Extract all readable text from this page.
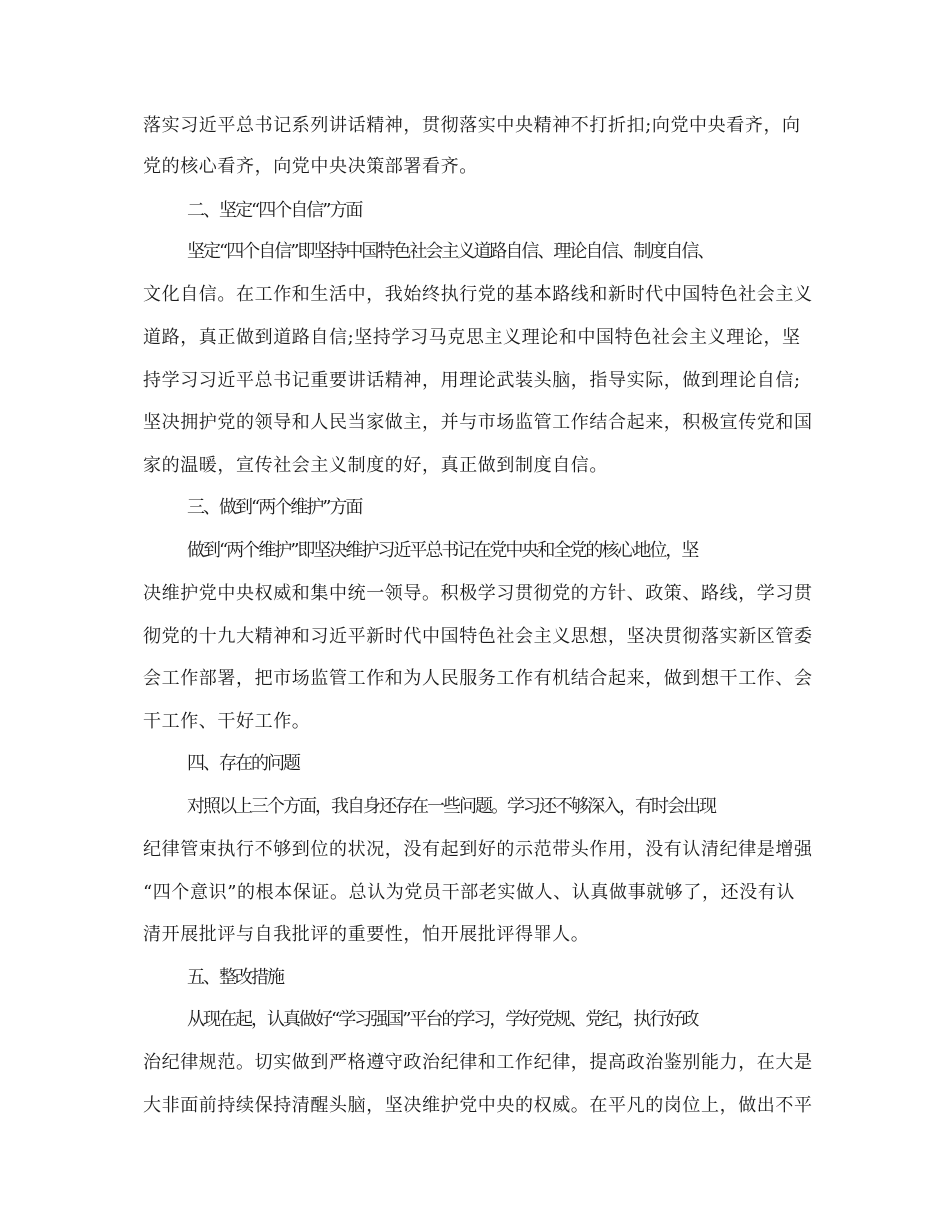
落实习近平总书记系列讲话精神，贯彻落实中央精神不打折扣;向党中央看齐，向
党的核心看齐，向党中央决策部署看齐。
二、坚定“四个自信”方面
坚定“四个自信”即坚持中国特色社会主义道路自信、理论自信、制度自信、
文化自信。在工作和生活中，我始终执行党的基本路线和新时代中国特色社会主义
道路，真正做到道路自信;坚持学习马克思主义理论和中国特色社会主义理论，坚
持学习习近平总书记重要讲话精神，用理论武装头脑，指导实际，做到理论自信;
坚决拥护党的领导和人民当家做主，并与市场监管工作结合起来，积极宣传党和国
家的温暖，宣传社会主义制度的好，真正做到制度自信。
三、做到“两个维护”方面
做到“两个维护”即坚决维护习近平总书记在党中央和全党的核心地位，坚
决维护党中央权威和集中统一领导。积极学习贯彻党的方针、政策、路线，学习贯
彻党的十九大精神和习近平新时代中国特色社会主义思想，坚决贯彻落实新区管委
会工作部署，把市场监管工作和为人民服务工作有机结合起来，做到想干工作、会
干工作、干好工作。
四、存在的问题
对照以上三个方面，我自身还存在一些问题。学习还不够深入，有时会出现
纪律管束执行不够到位的状况，没有起到好的示范带头作用，没有认清纪律是增强
“四个意识”的根本保证。总认为党员干部老实做人、认真做事就够了，还没有认
清开展批评与自我批评的重要性，怕开展批评得罪人。
五、整改措施
从现在起，认真做好“学习强国”平台的学习，学好党规、党纪，执行好政
治纪律规范。切实做到严格遵守政治纪律和工作纪律，提高政治鉴别能力，在大是
大非面前持续保持清醒头脑，坚决维护党中央的权威。在平凡的岗位上，做出不平
